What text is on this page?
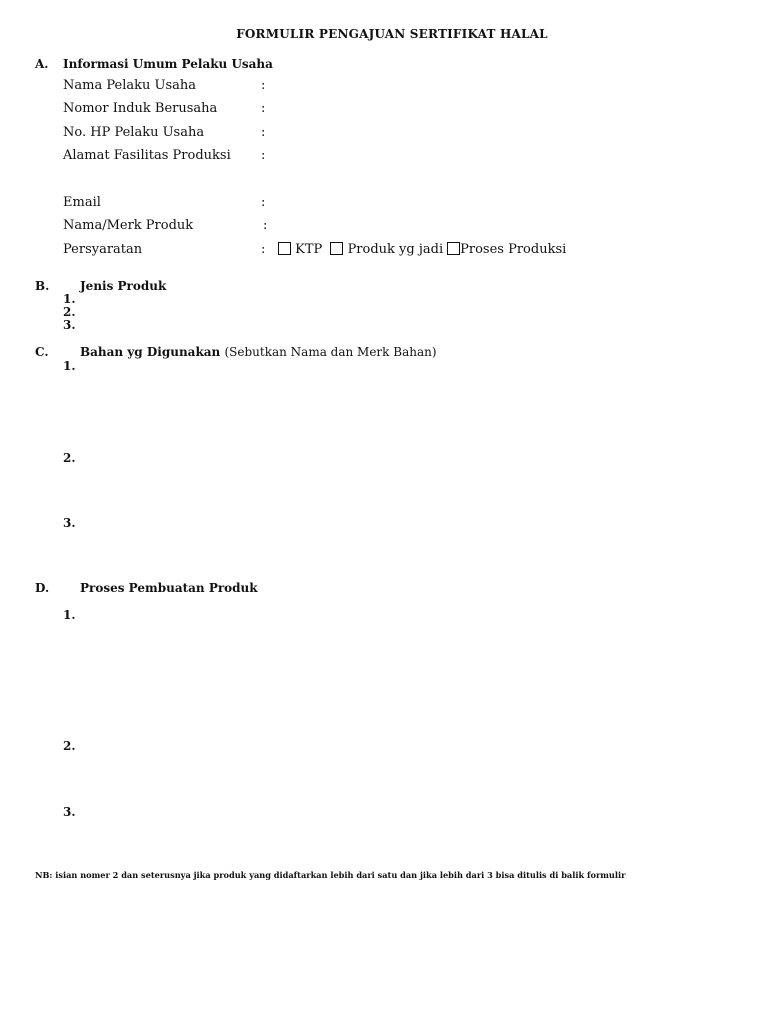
FORMULIR PENGAJUAN SERTIFIKAT HALAL
A. Informasi Umum Pelaku Usaha
Nama Pelaku Usaha	:
Nomor Induk Berusaha	:
No. HP Pelaku Usaha	:
Alamat Fasilitas Produksi :
Email	:
Nama/Merk Produk	:
Persyaratan	:	KTP Produk yg jadi Proses Produksi
B.	Jenis Produk
1.
2.
3.
C.	Bahan yg Digunakan (Sebutkan Nama dan Merk Bahan)
1.
2.
3.
D.	Proses Pembuatan Produk
1.
2.
3.
NB: isian nomer 2 dan seterusnya jika produk yang didaftarkan lebih dari satu dan jika lebih dari 3 bisa ditulis di balik formulir
